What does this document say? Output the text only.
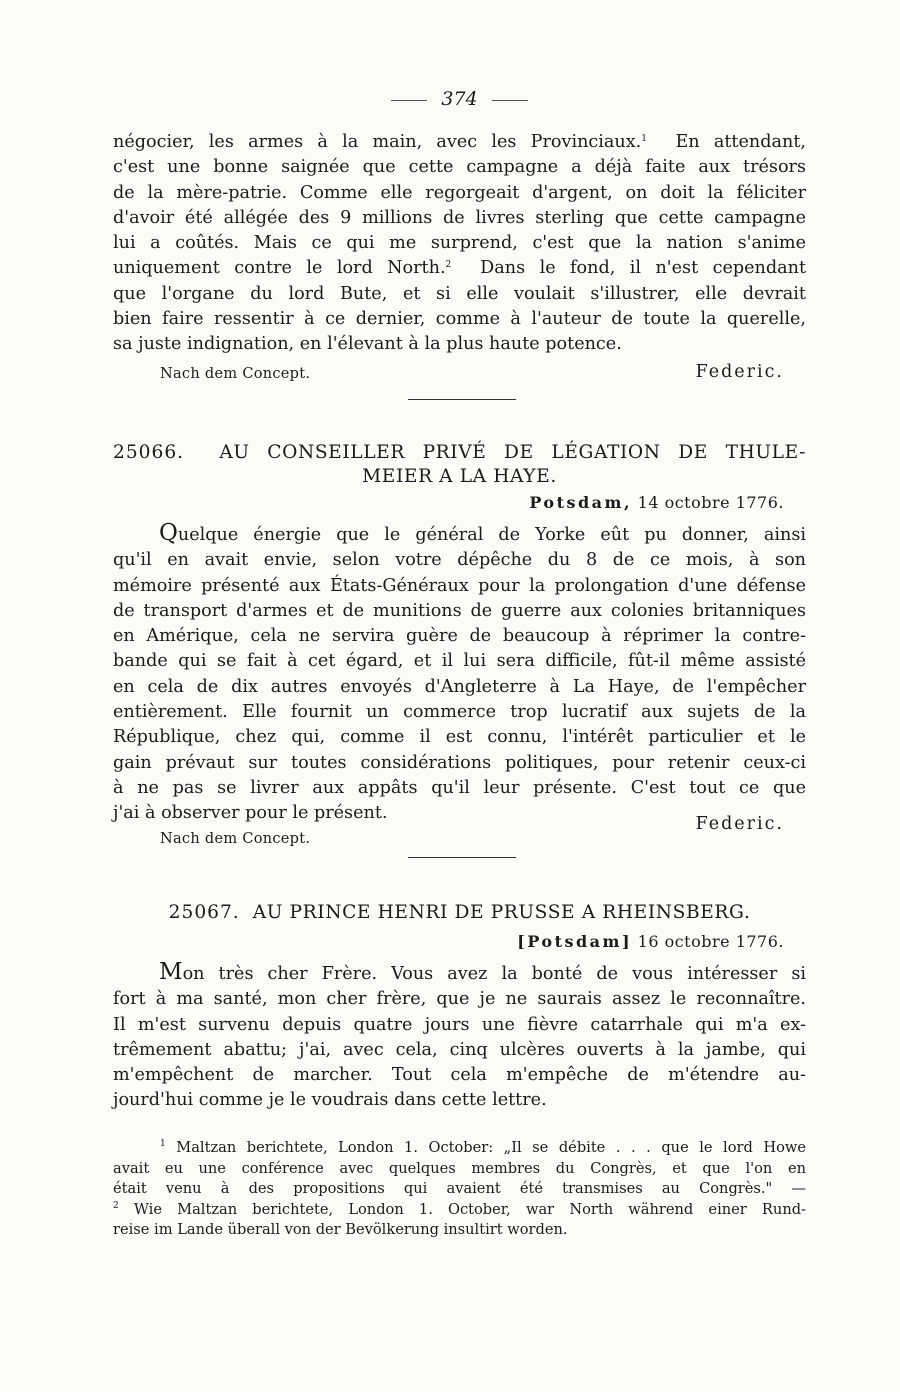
374
négocier, les armes à la main, avec les Provinciaux.$^1$ En attendant,
c'est une bonne saignée que cette campagne a déjà faite aux trésors
de la mère-patrie. Comme elle regorgeait d'argent, on doit la féliciter
d'avoir été allégée des 9 millions de livres sterling que cette campagne
lui a coûtés. Mais ce qui me surprend, c'est que la nation s'anime
uniquement contre le lord North.$^2$ Dans le fond, il n'est cependant
que l'organe du lord Bute, et si elle voulait s'illustrer, elle devrait
bien faire ressentir à ce dernier, comme à l'auteur de toute la querelle,
sa juste indignation, en l'élevant à la plus haute potence.
Nach dem Concept.	Federic.
25066. AU CONSEILLER PRIVÉ DE LÉGATION DE THULE-
MEIER A LA HAYE.
Potsdam, 14 octobre 1776.
Quelque énergie que le général de Yorke eût pu donner, ainsi
qu'il en avait envie, selon votre dépêche du 8 de ce mois, à son
mémoire présenté aux États-Généraux pour la prolongation d'une défense
de transport d'armes et de munitions de guerre aux colonies britanniques
en Amérique, cela ne servira guère de beaucoup à réprimer la contre-
bande qui se fait à cet égard, et il lui sera difficile, fût-il même assisté
en cela de dix autres envoyés d'Angleterre à La Haye, de l'empêcher
entièrement. Elle fournit un commerce trop lucratif aux sujets de la
République, chez qui, comme il est connu, l'intérêt particulier et le
gain prévaut sur toutes considérations politiques, pour retenir ceux-ci
à ne pas se livrer aux appâts qu'il leur présente. C'est tout ce que
j'ai à observer pour le présent.
Federic.
Nach dem Concept.
25067. AU PRINCE HENRI DE PRUSSE A RHEINSBERG.
[Potsdam] 16 octobre 1776.
Mon très cher Frère. Vous avez la bonté de vous intéresser si
fort à ma santé, mon cher frère, que je ne saurais assez le reconnaître.
Il m'est survenu depuis quatre jours une fièvre catarrhale qui m'a ex-
trêmement abattu; j'ai, avec cela, cinq ulcères ouverts à la jambe, qui
m'empêchent de marcher. Tout cela m'empêche de m'étendre au-
jourd'hui comme je le voudrais dans cette lettre.
$^1$ Maltzan berichtete, London 1. October: „Il se débite . . . que le lord Howe
avait eu une conférence avec quelques membres du Congrès, et que l'on en
était venu à des propositions qui avaient été transmises au Congrès." —
$^2$ Wie Maltzan berichtete, London 1. October, war North während einer Rund-
reise im Lande überall von der Bevölkerung insultirt worden.
